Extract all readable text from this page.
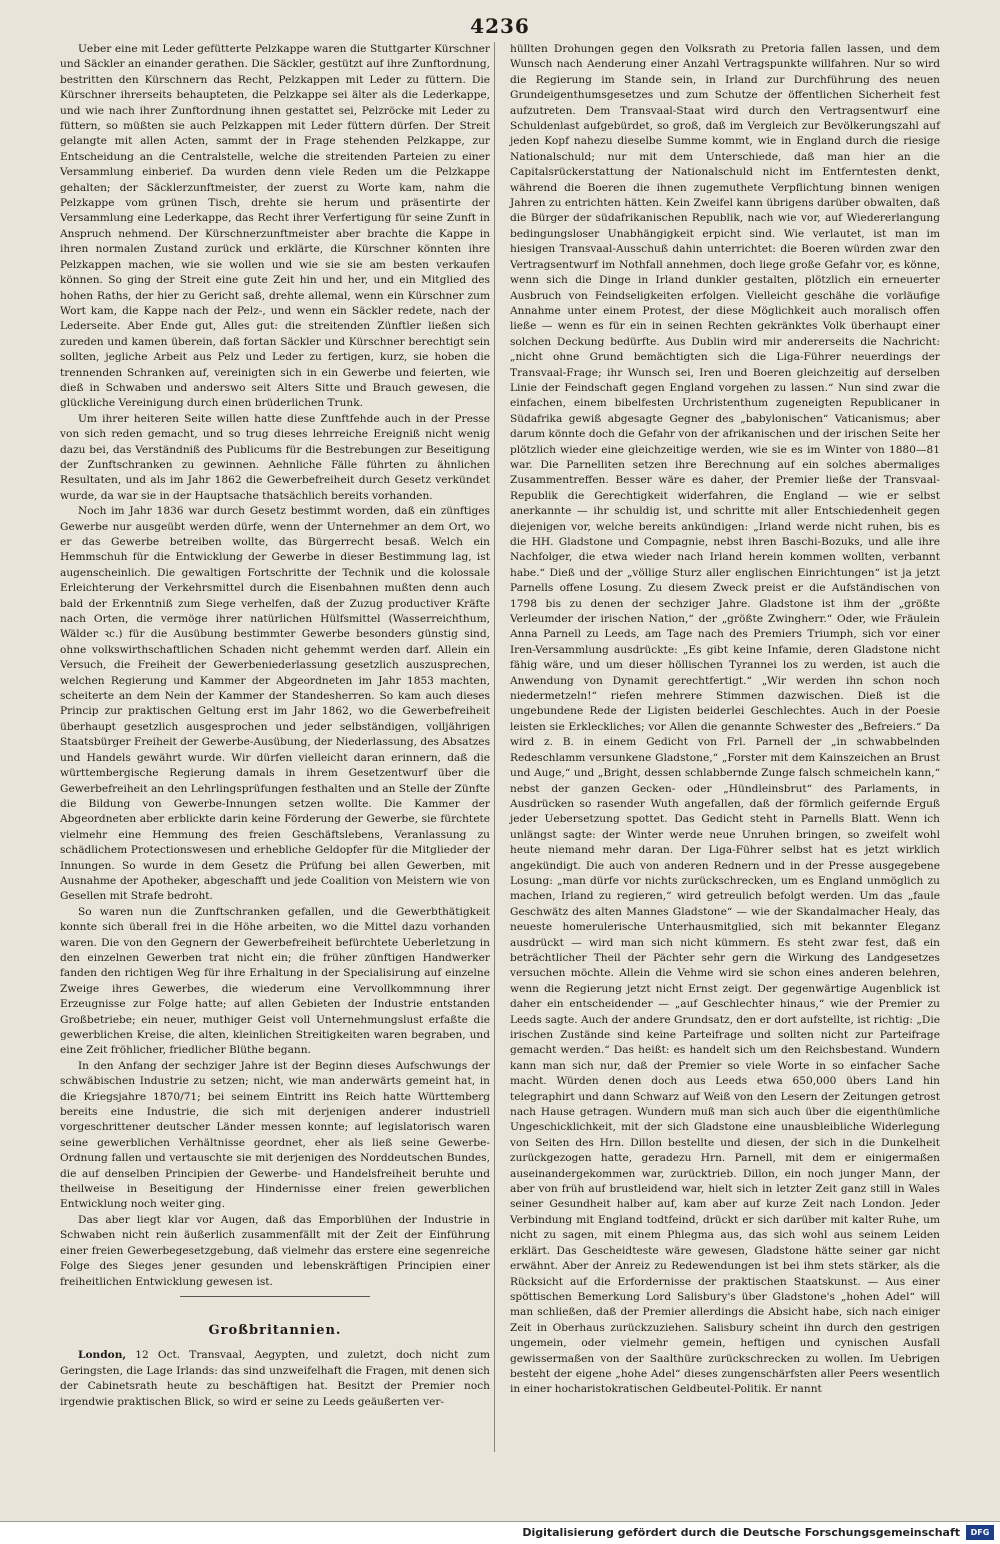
4236

Ueber eine mit Leder gefütterte Pelzkappe waren die Stuttgarter Kürschner und Säckler an einander gerathen. Die Säckler, gestützt auf ihre Zunftordnung, bestritten den Kürschnern das Recht, Pelzkappen mit Leder zu füttern. Die Kürschner ihrerseits behaupteten, die Pelzkappe sei älter als die Lederkappe, und wie nach ihrer Zunftordnung ihnen gestattet sei, Pelzröcke mit Leder zu füttern, so müßten sie auch Pelzkappen mit Leder füttern dürfen. Der Streit gelangte mit allen Acten, sammt der in Frage stehenden Pelzkappe, zur Entscheidung an die Centralstelle, welche die streitenden Parteien zu einer Versammlung einberief. Da wurden denn viele Reden um die Pelzkappe gehalten; der Säcklerzunftmeister, der zuerst zu Worte kam, nahm die Pelzkappe vom grünen Tisch, drehte sie herum und präsentirte der Versammlung eine Lederkappe, das Recht ihrer Verfertigung für seine Zunft in Anspruch nehmend. Der Kürschnerzunftmeister aber brachte die Kappe in ihren normalen Zustand zurück und erklärte, die Kürschner könnten ihre Pelzkappen machen, wie sie wollen und wie sie sie am besten verkaufen können. So ging der Streit eine gute Zeit hin und her, und ein Mitglied des hohen Raths, der hier zu Gericht saß, drehte allemal, wenn ein Kürschner zum Wort kam, die Kappe nach der Pelz-, und wenn ein Säckler redete, nach der Lederseite. Aber Ende gut, Alles gut: die streitenden Zünftler ließen sich zureden und kamen überein, daß fortan Säckler und Kürschner berechtigt sein sollten, jegliche Arbeit aus Pelz und Leder zu fertigen, kurz, sie hoben die trennenden Schranken auf, vereinigten sich in ein Gewerbe und feierten, wie dieß in Schwaben und anderswo seit Alters Sitte und Brauch gewesen, die glückliche Vereinigung durch einen brüderlichen Trunk.

Um ihrer heiteren Seite willen hatte diese Zunftfehde auch in der Presse von sich reden gemacht, und so trug dieses lehrreiche Ereigniß nicht wenig dazu bei, das Verständniß des Publicums für die Bestrebungen zur Beseitigung der Zunftschranken zu gewinnen. Aehnliche Fälle führten zu ähnlichen Resultaten, und als im Jahr 1862 die Gewerbefreiheit durch Gesetz verkündet wurde, da war sie in der Hauptsache thatsächlich bereits vorhanden.

Noch im Jahr 1836 war durch Gesetz bestimmt worden, daß ein zünftiges Gewerbe nur ausgeübt werden dürfe, wenn der Unternehmer an dem Ort, wo er das Gewerbe betreiben wollte, das Bürgerrecht besaß. Welch ein Hemmschuh für die Entwicklung der Gewerbe in dieser Bestimmung lag, ist augenscheinlich. Die gewaltigen Fortschritte der Technik und die kolossale Erleichterung der Verkehrsmittel durch die Eisenbahnen mußten denn auch bald der Erkenntniß zum Siege verhelfen, daß der Zuzug productiver Kräfte nach Orten, die vermöge ihrer natürlichen Hülfsmittel (Wasserreichthum, Wälder ꝛc.) für die Ausübung bestimmter Gewerbe besonders günstig sind, ohne volkswirthschaftlichen Schaden nicht gehemmt werden darf. Allein ein Versuch, die Freiheit der Gewerbeniederlassung gesetzlich auszusprechen, welchen Regierung und Kammer der Abgeordneten im Jahr 1853 machten, scheiterte an dem Nein der Kammer der Standesherren. So kam auch dieses Princip zur praktischen Geltung erst im Jahr 1862, wo die Gewerbefreiheit überhaupt gesetzlich ausgesprochen und jeder selbständigen, volljährigen Staatsbürger Freiheit der Gewerbe-Ausübung, der Niederlassung, des Absatzes und Handels gewährt wurde. Wir dürfen vielleicht daran erinnern, daß die württembergische Regierung damals in ihrem Gesetzentwurf über die Gewerbefreiheit an den Lehrlingsprüfungen festhalten und an Stelle der Zünfte die Bildung von Gewerbe-Innungen setzen wollte. Die Kammer der Abgeordneten aber erblickte darin keine Förderung der Gewerbe, sie fürchtete vielmehr eine Hemmung des freien Geschäftslebens, Veranlassung zu schädlichem Protectionswesen und erhebliche Geldopfer für die Mitglieder der Innungen. So wurde in dem Gesetz die Prüfung bei allen Gewerben, mit Ausnahme der Apotheker, abgeschafft und jede Coalition von Meistern wie von Gesellen mit Strafe bedroht.

So waren nun die Zunftschranken gefallen, und die Gewerbthätigkeit konnte sich überall frei in die Höhe arbeiten, wo die Mittel dazu vorhanden waren. Die von den Gegnern der Gewerbefreiheit befürchtete Ueberletzung in den einzelnen Gewerben trat nicht ein; die früher zünftigen Handwerker fanden den richtigen Weg für ihre Erhaltung in der Specialisirung auf einzelne Zweige ihres Gewerbes, die wiederum eine Vervollkommnung ihrer Erzeugnisse zur Folge hatte; auf allen Gebieten der Industrie entstanden Großbetriebe; ein neuer, muthiger Geist voll Unternehmungslust erfaßte die gewerblichen Kreise, die alten, kleinlichen Streitigkeiten waren begraben, und eine Zeit fröhlicher, friedlicher Blüthe begann.

In den Anfang der sechziger Jahre ist der Beginn dieses Aufschwungs der schwäbischen Industrie zu setzen; nicht, wie man anderwärts gemeint hat, in die Kriegsjahre 1870/71; bei seinem Eintritt ins Reich hatte Württemberg bereits eine Industrie, die sich mit derjenigen anderer industriell vorgeschrittener deutscher Länder messen konnte; auf legislatorisch waren seine gewerblichen Verhältnisse geordnet, eher als ließ seine Gewerbe-Ordnung fallen und vertauschte sie mit derjenigen des Norddeutschen Bundes, die auf denselben Principien der Gewerbe- und Handelsfreiheit beruhte und theilweise in Beseitigung der Hindernisse einer freien gewerblichen Entwicklung noch weiter ging.

Das aber liegt klar vor Augen, daß das Emporblühen der Industrie in Schwaben nicht rein äußerlich zusammenfällt mit der Zeit der Einführung einer freien Gewerbegesetzgebung, daß vielmehr das erstere eine segenreiche Folge des Sieges jener gesunden und lebenskräftigen Principien einer freiheitlichen Entwicklung gewesen ist.

Großbritannien.

London, 12 Oct. Transvaal, Aegypten, und zuletzt, doch nicht zum Geringsten, die Lage Irlands: das sind unzweifelhaft die Fragen, mit denen sich der Cabinetsrath heute zu beschäftigen hat. Besitzt der Premier noch irgendwie praktischen Blick, so wird er seine zu Leeds geäußerten ver-

hüllten Drohungen gegen den Volksrath zu Pretoria fallen lassen, und dem Wunsch nach Aenderung einer Anzahl Vertragspunkte willfahren. Nur so wird die Regierung im Stande sein, in Irland zur Durchführung des neuen Grundeigenthumsgesetzes und zum Schutze der öffentlichen Sicherheit fest aufzutreten. Dem Transvaal-Staat wird durch den Vertragsentwurf eine Schuldenlast aufgebürdet, so groß, daß im Vergleich zur Bevölkerungszahl auf jeden Kopf nahezu dieselbe Summe kommt, wie in England durch die riesige Nationalschuld; nur mit dem Unterschiede, daß man hier an die Capitalsrückerstattung der Nationalschuld nicht im Entferntesten denkt, während die Boeren die ihnen zugemuthete Verpflichtung binnen wenigen Jahren zu entrichten hätten. Kein Zweifel kann übrigens darüber obwalten, daß die Bürger der südafrikanischen Republik, nach wie vor, auf Wiedererlangung bedingungsloser Unabhängigkeit erpicht sind. Wie verlautet, ist man im hiesigen Transvaal-Ausschuß dahin unterrichtet: die Boeren würden zwar den Vertragsentwurf im Nothfall annehmen, doch liege große Gefahr vor, es könne, wenn sich die Dinge in Irland dunkler gestalten, plötzlich ein erneuerter Ausbruch von Feindseligkeiten erfolgen. Vielleicht geschähe die vorläufige Annahme unter einem Protest, der diese Möglichkeit auch moralisch offen ließe — wenn es für ein in seinen Rechten gekränktes Volk überhaupt einer solchen Deckung bedürfte. Aus Dublin wird mir andererseits die Nachricht: „nicht ohne Grund bemächtigten sich die Liga-Führer neuerdings der Transvaal-Frage; ihr Wunsch sei, Iren und Boeren gleichzeitig auf derselben Linie der Feindschaft gegen England vorgehen zu lassen.“ Nun sind zwar die einfachen, einem bibelfesten Urchristenthum zugeneigten Republicaner in Südafrika gewiß abgesagte Gegner des „babylonischen“ Vaticanismus; aber darum könnte doch die Gefahr von der afrikanischen und der irischen Seite her plötzlich wieder eine gleichzeitige werden, wie sie es im Winter von 1880—81 war. Die Parnelliten setzen ihre Berechnung auf ein solches abermaliges Zusammentreffen. Besser wäre es daher, der Premier ließe der Transvaal-Republik die Gerechtigkeit widerfahren, die England — wie er selbst anerkannte — ihr schuldig ist, und schritte mit aller Entschiedenheit gegen diejenigen vor, welche bereits ankündigen: „Irland werde nicht ruhen, bis es die HH. Gladstone und Compagnie, nebst ihren Baschi-Bozuks, und alle ihre Nachfolger, die etwa wieder nach Irland herein kommen wollten, verbannt habe.“ Dieß und der „völlige Sturz aller englischen Einrichtungen“ ist ja jetzt Parnells offene Losung. Zu diesem Zweck preist er die Aufständischen von 1798 bis zu denen der sechziger Jahre. Gladstone ist ihm der „größte Verleumder der irischen Nation,“ der „größte Zwingherr.“ Oder, wie Fräulein Anna Parnell zu Leeds, am Tage nach des Premiers Triumph, sich vor einer Iren-Versammlung ausdrückte: „Es gibt keine Infamie, deren Gladstone nicht fähig wäre, und um dieser höllischen Tyrannei los zu werden, ist auch die Anwendung von Dynamit gerechtfertigt.“ „Wir werden ihn schon noch niedermetzeln!“ riefen mehrere Stimmen dazwischen. Dieß ist die ungebundene Rede der Ligisten beiderlei Geschlechtes. Auch in der Poesie leisten sie Erkleckliches; vor Allen die genannte Schwester des „Befreiers.“ Da wird z. B. in einem Gedicht von Frl. Parnell der „in schwabbelnden Redeschlamm versunkene Gladstone,“ „Forster mit dem Kainszeichen an Brust und Auge,“ und „Bright, dessen schlabbernde Zunge falsch schmeicheln kann,“ nebst der ganzen Gecken- oder „Hündleinsbrut“ des Parlaments, in Ausdrücken so rasender Wuth angefallen, daß der förmlich geifernde Erguß jeder Uebersetzung spottet. Das Gedicht steht in Parnells Blatt. Wenn ich unlängst sagte: der Winter werde neue Unruhen bringen, so zweifelt wohl heute niemand mehr daran. Der Liga-Führer selbst hat es jetzt wirklich angekündigt. Die auch von anderen Rednern und in der Presse ausgegebene Losung: „man dürfe vor nichts zurückschrecken, um es England unmöglich zu machen, Irland zu regieren,“ wird getreulich befolgt werden. Um das „faule Geschwätz des alten Mannes Gladstone“ — wie der Skandalmacher Healy, das neueste homerulerische Unterhausmitglied, sich mit bekannter Eleganz ausdrückt — wird man sich nicht kümmern. Es steht zwar fest, daß ein beträchtlicher Theil der Pächter sehr gern die Wirkung des Landgesetzes versuchen möchte. Allein die Vehme wird sie schon eines anderen belehren, wenn die Regierung jetzt nicht Ernst zeigt. Der gegenwärtige Augenblick ist daher ein entscheidender — „auf Geschlechter hinaus,“ wie der Premier zu Leeds sagte. Auch der andere Grundsatz, den er dort aufstellte, ist richtig: „Die irischen Zustände sind keine Parteifrage und sollten nicht zur Parteifrage gemacht werden.“ Das heißt: es handelt sich um den Reichsbestand. Wundern kann man sich nur, daß der Premier so viele Worte in so einfacher Sache macht. Würden denen doch aus Leeds etwa 650,000 übers Land hin telegraphirt und dann Schwarz auf Weiß von den Lesern der Zeitungen getrost nach Hause getragen. Wundern muß man sich auch über die eigenthümliche Ungeschicklichkeit, mit der sich Gladstone eine unausbleibliche Widerlegung von Seiten des Hrn. Dillon bestellte und diesen, der sich in die Dunkelheit zurückgezogen hatte, geradezu Hrn. Parnell, mit dem er einigermaßen auseinandergekommen war, zurücktrieb. Dillon, ein noch junger Mann, der aber von früh auf brustleidend war, hielt sich in letzter Zeit ganz still in Wales seiner Gesundheit halber auf, kam aber auf kurze Zeit nach London. Jeder Verbindung mit England todtfeind, drückt er sich darüber mit kalter Ruhe, um nicht zu sagen, mit einem Phlegma aus, das sich wohl aus seinem Leiden erklärt. Das Gescheidteste wäre gewesen, Gladstone hätte seiner gar nicht erwähnt. Aber der Anreiz zu Redewendungen ist bei ihm stets stärker, als die Rücksicht auf die Erfordernisse der praktischen Staatskunst. — Aus einer spöttischen Bemerkung Lord Salisbury's über Gladstone's „hohen Adel“ will man schließen, daß der Premier allerdings die Absicht habe, sich nach einiger Zeit in Oberhaus zurückzuziehen. Salisbury scheint ihn durch den gestrigen ungemein, oder vielmehr gemein, heftigen und cynischen Ausfall gewissermaßen von der Saalthüre zurückschrecken zu wollen. Im Uebrigen besteht der eigene „hohe Adel“ dieses zungenschärfsten aller Peers wesentlich in einer hocharistokratischen Geldbeutel-Politik. Er nannt

Digitalisierung gefördert durch die Deutsche Forschungsgemeinschaft	DFG
